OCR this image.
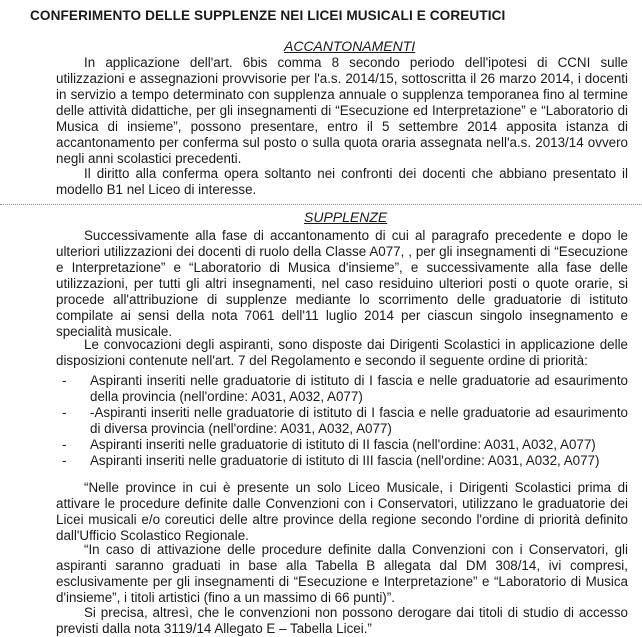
CONFERIMENTO DELLE SUPPLENZE NEI LICEI MUSICALI E COREUTICI
ACCANTONAMENTI

In applicazione dell'art. 6bis comma 8 secondo periodo dell'ipotesi di CCNI sulle utilizzazioni e assegnazioni provvisorie per l'a.s. 2014/15, sottoscritta il 26 marzo 2014, i docenti in servizio a tempo determinato con supplenza annuale o supplenza temporanea fino al termine delle attività didattiche, per gli insegnamenti di “Esecuzione ed Interpretazione” e “Laboratorio di Musica di insieme”, possono presentare, entro il 5 settembre 2014 apposita istanza di accantonamento per conferma sul posto o sulla quota oraria assegnata nell'a.s. 2013/14 ovvero negli anni scolastici precedenti.

Il diritto alla conferma opera soltanto nei confronti dei docenti che abbiano presentato il modello B1 nel Liceo di interesse.

SUPPLENZE

Successivamente alla fase di accantonamento di cui al paragrafo precedente e dopo le ulteriori utilizzazioni dei docenti di ruolo della Classe A077, , per gli insegnamenti di “Esecuzione e Interpretazione” e “Laboratorio di Musica d'insieme”, e successivamente alla fase delle utilizzazioni, per tutti gli altri insegnamenti, nel caso residuino ulteriori posti o quote orarie, si procede all'attribuzione di supplenze mediante lo scorrimento delle graduatorie di istituto compilate ai sensi della nota 7061 dell'11 luglio 2014 per ciascun singolo insegnamento e specialità musicale.

Le convocazioni degli aspiranti, sono disposte dai Dirigenti Scolastici in applicazione delle disposizioni contenute nell'art. 7 del Regolamento e secondo il seguente ordine di priorità:

- Aspiranti inseriti nelle graduatorie di istituto di I fascia e nelle graduatorie ad esaurimento della provincia (nell'ordine: A031, A032, A077)
- -Aspiranti inseriti nelle graduatorie di istituto di I fascia e nelle graduatorie ad esaurimento di diversa provincia (nell'ordine: A031, A032, A077)
- Aspiranti inseriti nelle graduatorie di istituto di II fascia (nell'ordine: A031, A032, A077)
- Aspiranti inseriti nelle graduatorie di istituto di III fascia (nell'ordine: A031, A032, A077)

“Nelle province in cui è presente un solo Liceo Musicale, i Dirigenti Scolastici prima di attivare le procedure definite dalle Convenzioni con i Conservatori, utilizzano le graduatorie dei Licei musicali e/o coreutici delle altre province della regione secondo l'ordine di priorità definito dall'Ufficio Scolastico Regionale.

“In caso di attivazione delle procedure definite dalla Convenzioni con i Conservatori, gli aspiranti saranno graduati in base alla Tabella B allegata dal DM 308/14, ivi compresi, esclusivamente per gli insegnamenti di “Esecuzione e Interpretazione” e “Laboratorio di Musica d'insieme”, i titoli artistici (fino a un massimo di 66 punti)”.

Si precisa, altresì, che le convenzioni non possono derogare dai titoli di studio di accesso previsti dalla nota 3119/14 Allegato E – Tabella Licei.”
